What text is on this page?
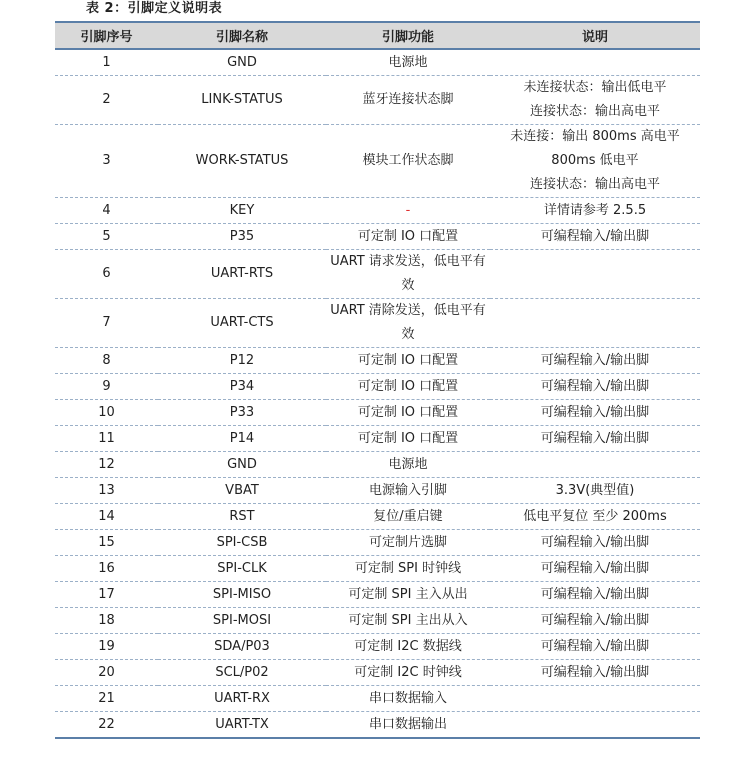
表 2：引脚定义说明表
引脚序号	引脚名称	引脚功能	说明
1	GND	电源地	

2	LINK-STATUS	蓝牙连接状态脚	未连接状态：输出低电平
连接状态：输出高电平

3	WORK-STATUS	模块工作状态脚	未连接：输出 800ms 高电平
800ms 低电平
连接状态：输出高电平

4	KEY	-	详情请参考 2.5.5

5	P35	可定制 IO 口配置	可编程输入/输出脚

6	UART-RTS	UART 请求发送，低电平有
效	

7	UART-CTS	UART 清除发送，低电平有
效	

8	P12	可定制 IO 口配置	可编程输入/输出脚

9	P34	可定制 IO 口配置	可编程输入/输出脚

10	P33	可定制 IO 口配置	可编程输入/输出脚

11	P14	可定制 IO 口配置	可编程输入/输出脚

12	GND	电源地	

13	VBAT	电源输入引脚	3.3V(典型值)

14	RST	复位/重启键	低电平复位 至少 200ms

15	SPI-CSB	可定制片选脚	可编程输入/输出脚

16	SPI-CLK	可定制 SPI 时钟线	可编程输入/输出脚

17	SPI-MISO	可定制 SPI 主入从出	可编程输入/输出脚

18	SPI-MOSI	可定制 SPI 主出从入	可编程输入/输出脚

19	SDA/P03	可定制 I2C 数据线	可编程输入/输出脚

20	SCL/P02	可定制 I2C 时钟线	可编程输入/输出脚

21	UART-RX	串口数据输入	

22	UART-TX	串口数据输出	
